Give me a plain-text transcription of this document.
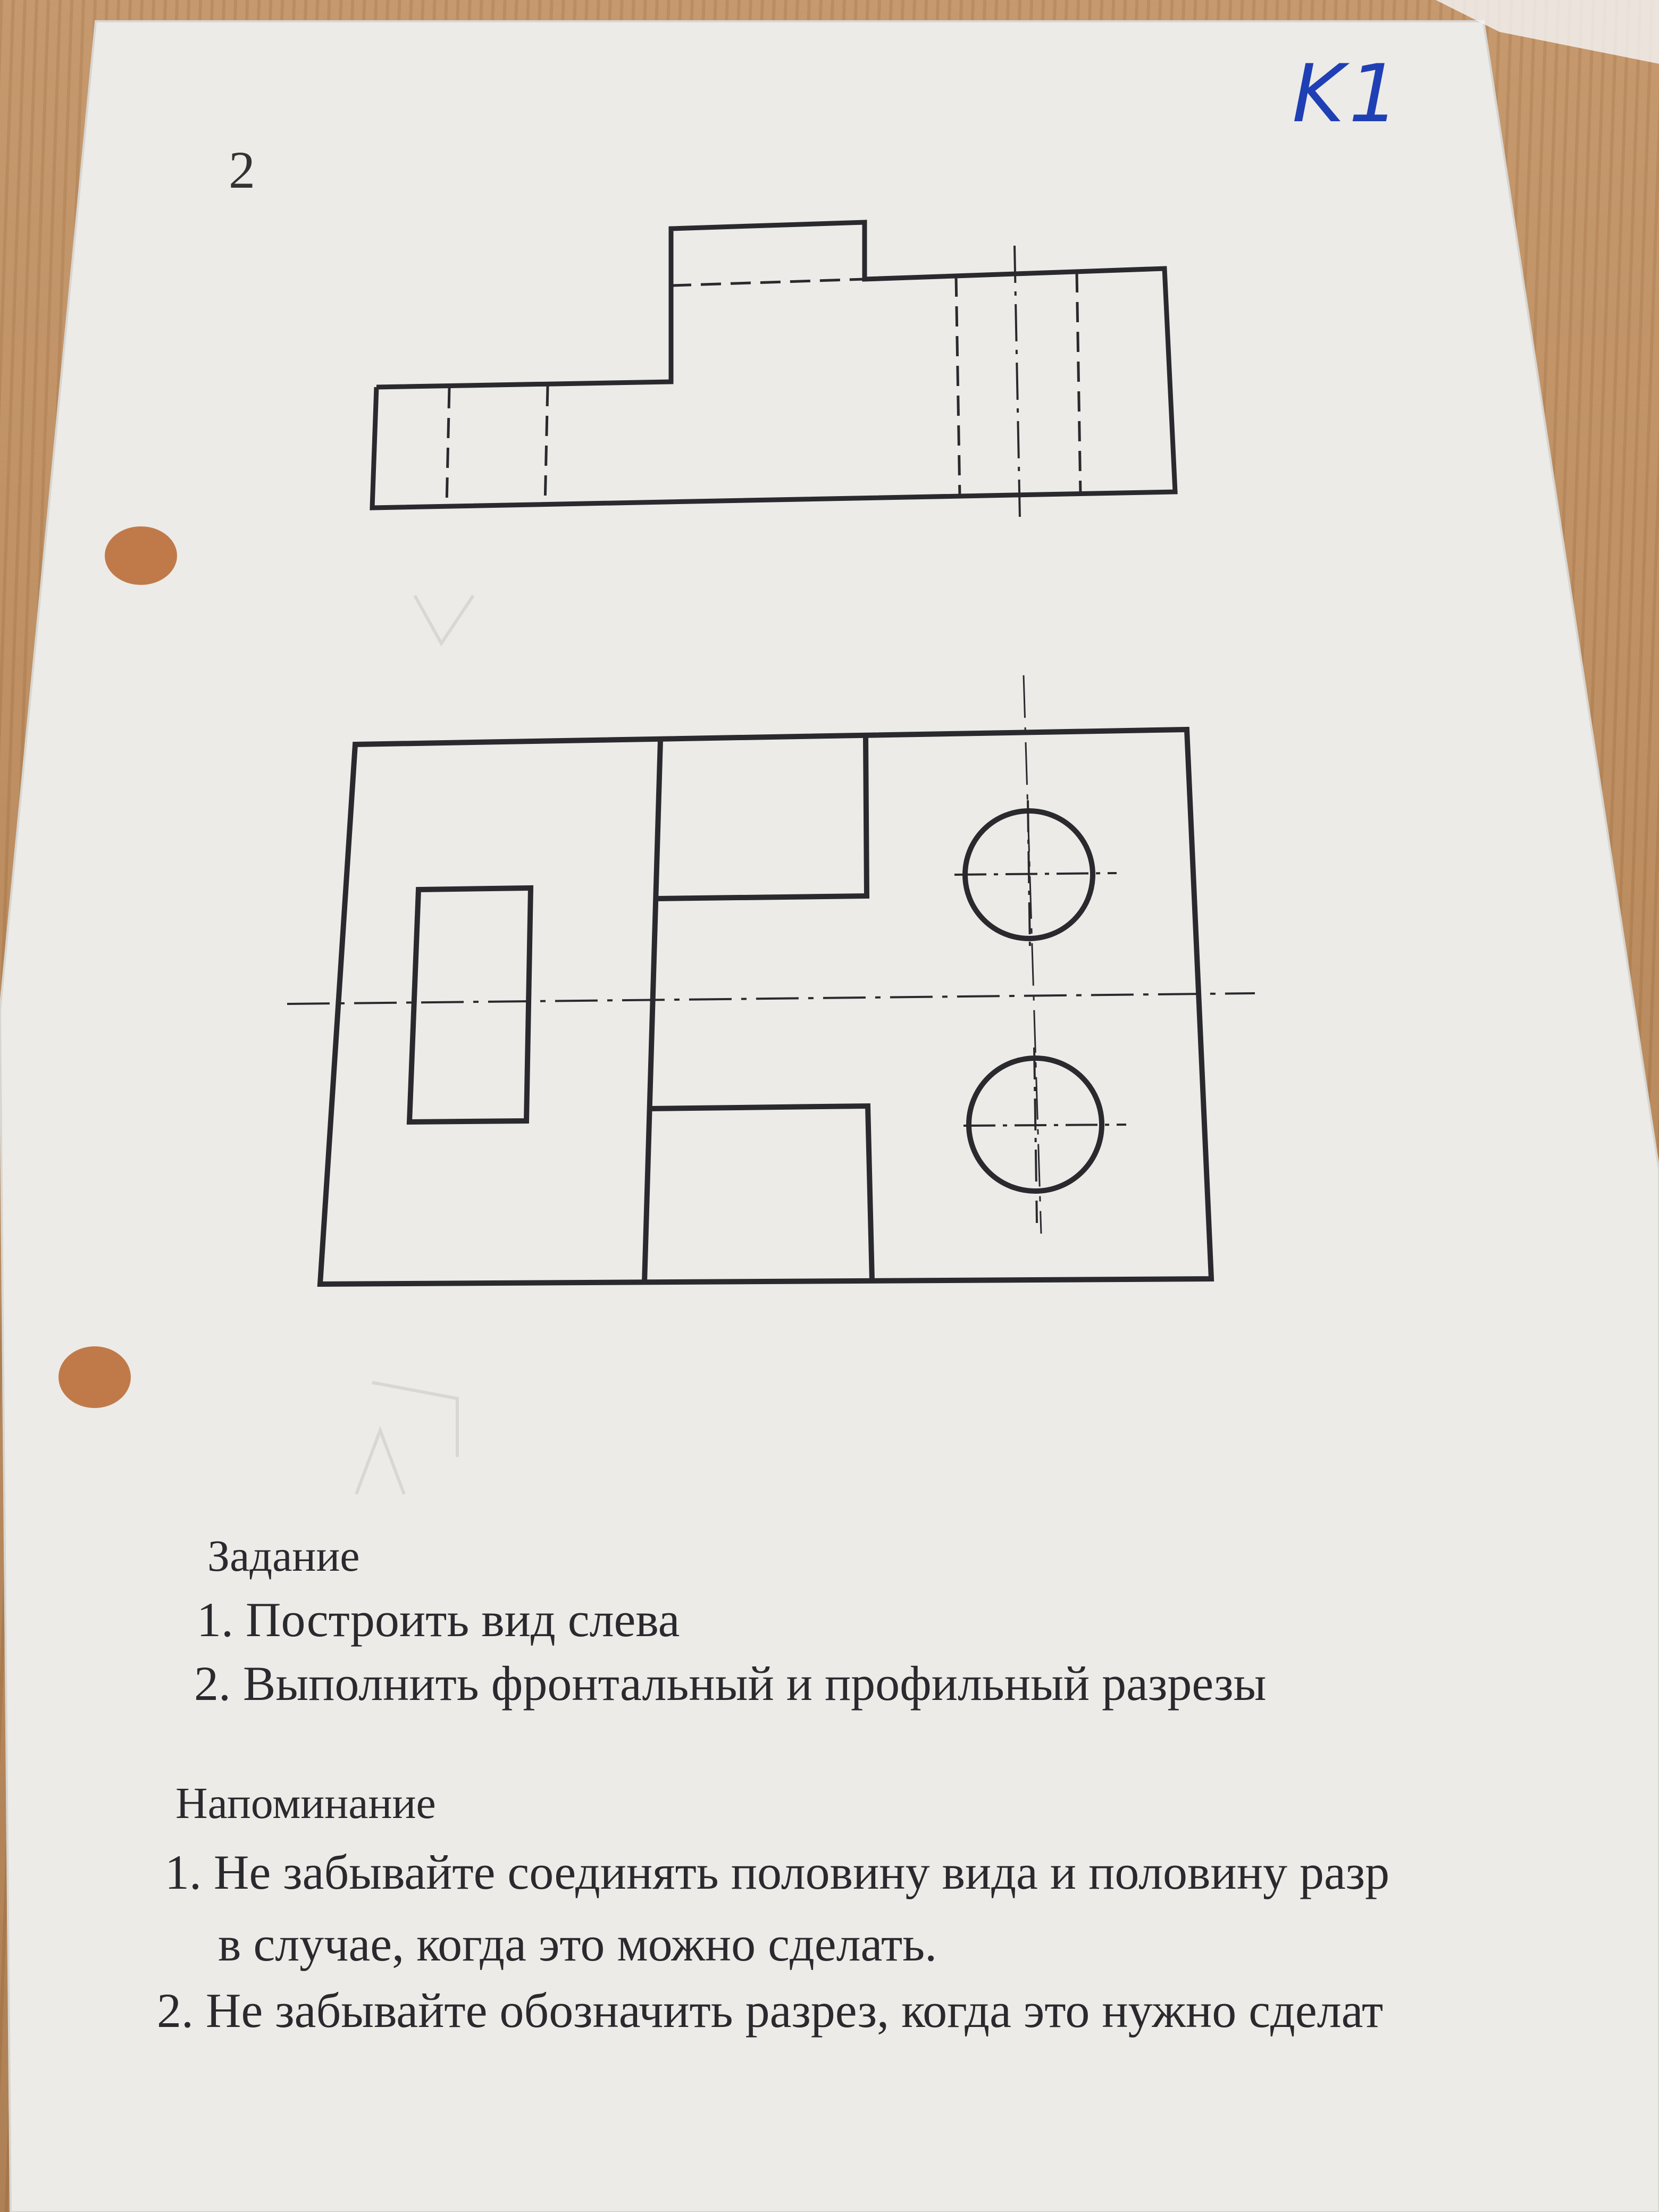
2
K1
Задание
1. Построить вид слева
2. Выполнить фронтальный и профильный разрезы
Напоминание
1. Не забывайте соединять половину вида и половину разр
в случае, когда это можно сделать.
2. Не забывайте обозначить разрез, когда это нужно сделат
